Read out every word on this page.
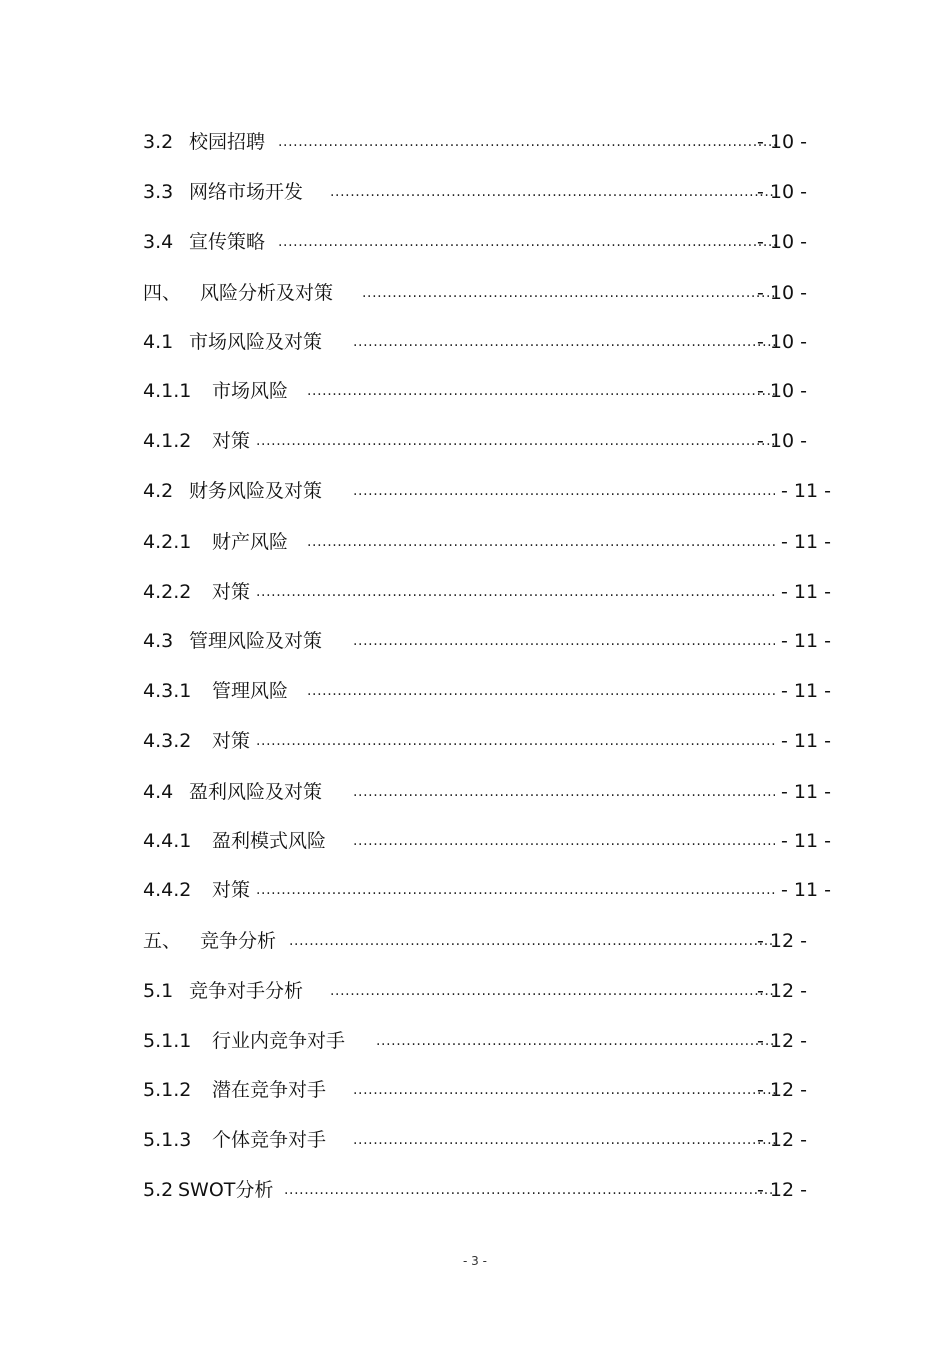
3.2 校园招聘 .....	- 10 -
3.3 网络市场开发 .....	- 10 -
3.4 宣传策略 .....	- 10 -
四、 风险分析及对策 .....	- 10 -
4.1 市场风险及对策 .....	- 10 -
4.1.1 市场风险 .....	- 10 -
4.1.2 对策 .....	- 10 -
4.2 财务风险及对策 .....	- 11 -
4.2.1 财产风险 .....	- 11 -
4.2.2 对策 .....	- 11 -
4.3 管理风险及对策 .....	- 11 -
4.3.1 管理风险 .....	- 11 -
4.3.2 对策 .....	- 11 -
4.4 盈利风险及对策 .....	- 11 -
4.4.1 盈利模式风险 .....	- 11 -
4.4.2 对策 .....	- 11 -
五、 竞争分析 .....	- 12 -
5.1 竞争对手分析 .....	- 12 -
5.1.1 行业内竞争对手 .....	- 12 -
5.1.2 潜在竞争对手 .....	- 12 -
5.1.3 个体竞争对手 .....	- 12 -
5.2 SWOT分析 .....	- 12 -
- 3 -
